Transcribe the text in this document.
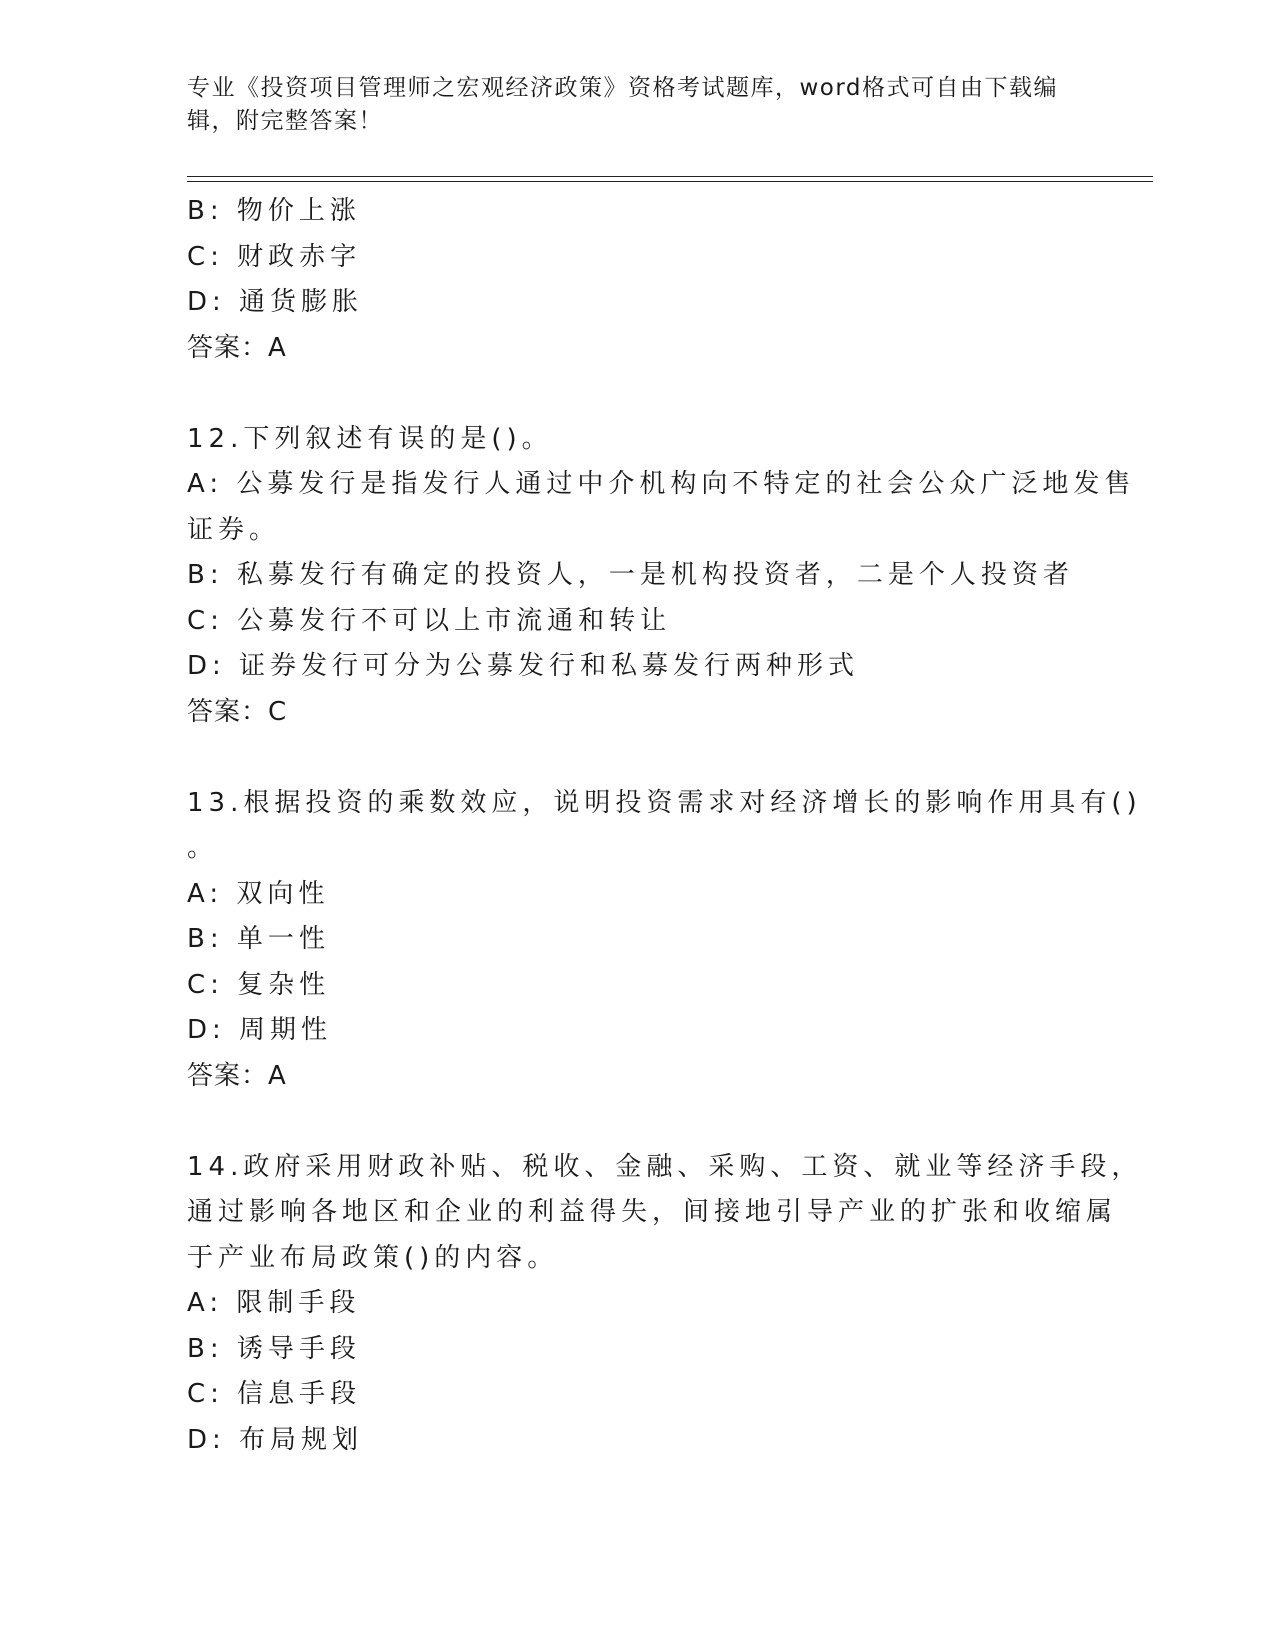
专业《投资项目管理师之宏观经济政策》资格考试题库，word格式可自由下载编
辑，附完整答案！
B: 物价上涨
C: 财政赤字
D: 通货膨胀
答案：A
12.下列叙述有误的是()。
A: 公募发行是指发行人通过中介机构向不特定的社会公众广泛地发售
证券。
B: 私募发行有确定的投资人，一是机构投资者，二是个人投资者
C: 公募发行不可以上市流通和转让
D: 证券发行可分为公募发行和私募发行两种形式
答案：C
13.根据投资的乘数效应，说明投资需求对经济增长的影响作用具有()
。
A: 双向性
B: 单一性
C: 复杂性
D: 周期性
答案：A
14.政府采用财政补贴、税收、金融、采购、工资、就业等经济手段，
通过影响各地区和企业的利益得失，间接地引导产业的扩张和收缩属
于产业布局政策()的内容。
A: 限制手段
B: 诱导手段
C: 信息手段
D: 布局规划
